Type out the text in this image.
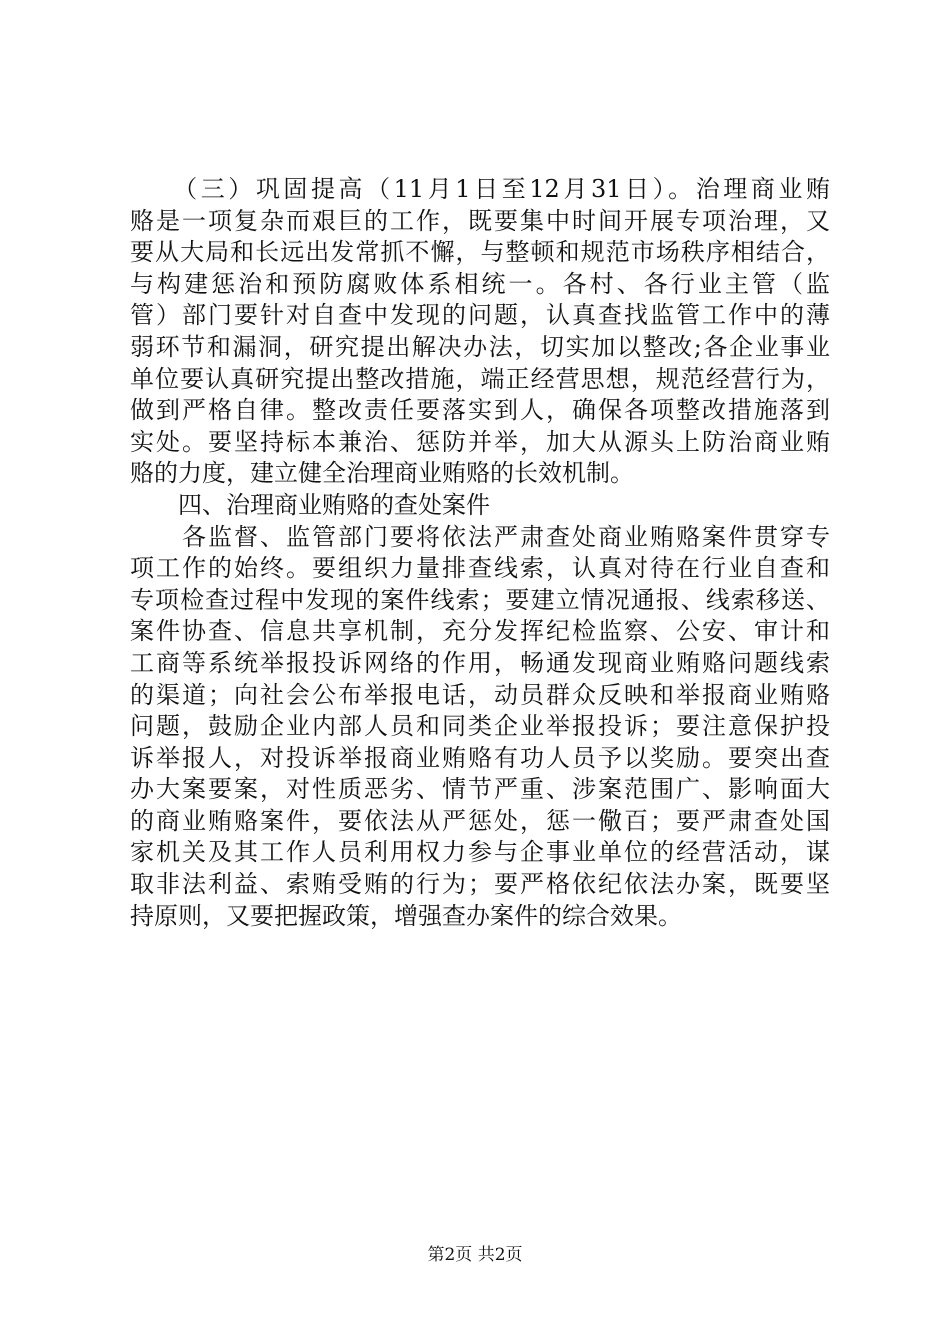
　　（三）巩固提高（11月1日至12月31日）。治理商业贿
赂是一项复杂而艰巨的工作，既要集中时间开展专项治理，又
要从大局和长远出发常抓不懈，与整顿和规范市场秩序相结合，
与构建惩治和预防腐败体系相统一。各村、各行业主管（监
管）部门要针对自查中发现的问题，认真查找监管工作中的薄
弱环节和漏洞，研究提出解决办法，切实加以整改;各企业事业
单位要认真研究提出整改措施，端正经营思想，规范经营行为，
做到严格自律。整改责任要落实到人，确保各项整改措施落到
实处。要坚持标本兼治、惩防并举，加大从源头上防治商业贿
赂的力度，建立健全治理商业贿赂的长效机制。
　　四、治理商业贿赂的查处案件
　　各监督、监管部门要将依法严肃查处商业贿赂案件贯穿专
项工作的始终。要组织力量排查线索，认真对待在行业自查和
专项检查过程中发现的案件线索；要建立情况通报、线索移送、
案件协查、信息共享机制，充分发挥纪检监察、公安、审计和
工商等系统举报投诉网络的作用，畅通发现商业贿赂问题线索
的渠道；向社会公布举报电话，动员群众反映和举报商业贿赂
问题，鼓励企业内部人员和同类企业举报投诉；要注意保护投
诉举报人，对投诉举报商业贿赂有功人员予以奖励。要突出查
办大案要案，对性质恶劣、情节严重、涉案范围广、影响面大
的商业贿赂案件，要依法从严惩处，惩一儆百；要严肃查处国
家机关及其工作人员利用权力参与企事业单位的经营活动，谋
取非法利益、索贿受贿的行为；要严格依纪依法办案，既要坚
持原则，又要把握政策，增强查办案件的综合效果。
第2页 共2页
